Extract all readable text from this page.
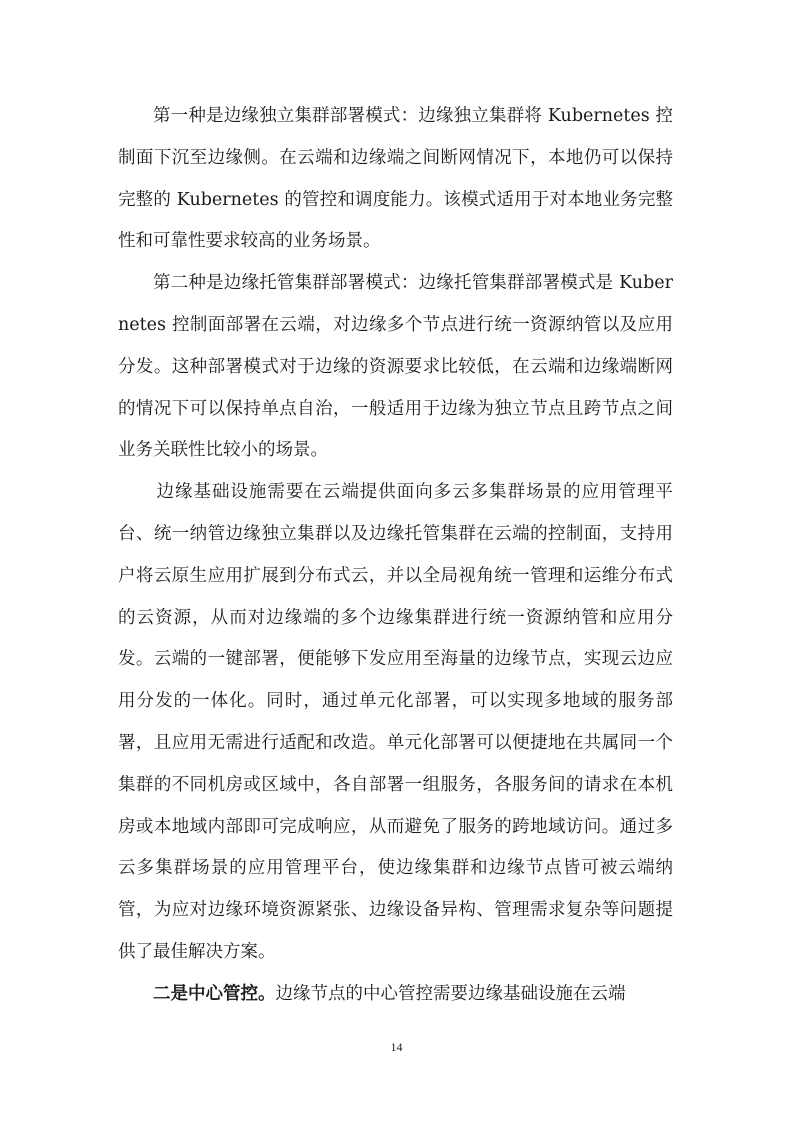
第一种是边缘独立集群部署模式：边缘独立集群将 Kubernetes 控制面下沉至边缘侧。在云端和边缘端之间断网情况下，本地仍可以保持完整的 Kubernetes 的管控和调度能力。该模式适用于对本地业务完整性和可靠性要求较高的业务场景。

第二种是边缘托管集群部署模式：边缘托管集群部署模式是 Kubernetes 控制面部署在云端，对边缘多个节点进行统一资源纳管以及应用分发。这种部署模式对于边缘的资源要求比较低，在云端和边缘端断网的情况下可以保持单点自治，一般适用于边缘为独立节点且跨节点之间业务关联性比较小的场景。

边缘基础设施需要在云端提供面向多云多集群场景的应用管理平台、统一纳管边缘独立集群以及边缘托管集群在云端的控制面，支持用户将云原生应用扩展到分布式云，并以全局视角统一管理和运维分布式的云资源，从而对边缘端的多个边缘集群进行统一资源纳管和应用分发。云端的一键部署，便能够下发应用至海量的边缘节点，实现云边应用分发的一体化。同时，通过单元化部署，可以实现多地域的服务部署，且应用无需进行适配和改造。单元化部署可以便捷地在共属同一个集群的不同机房或区域中，各自部署一组服务，各服务间的请求在本机房或本地域内部即可完成响应，从而避免了服务的跨地域访问。通过多云多集群场景的应用管理平台，使边缘集群和边缘节点皆可被云端纳管，为应对边缘环境资源紧张、边缘设备异构、管理需求复杂等问题提供了最佳解决方案。

二是中心管控。边缘节点的中心管控需要边缘基础设施在云端

14
